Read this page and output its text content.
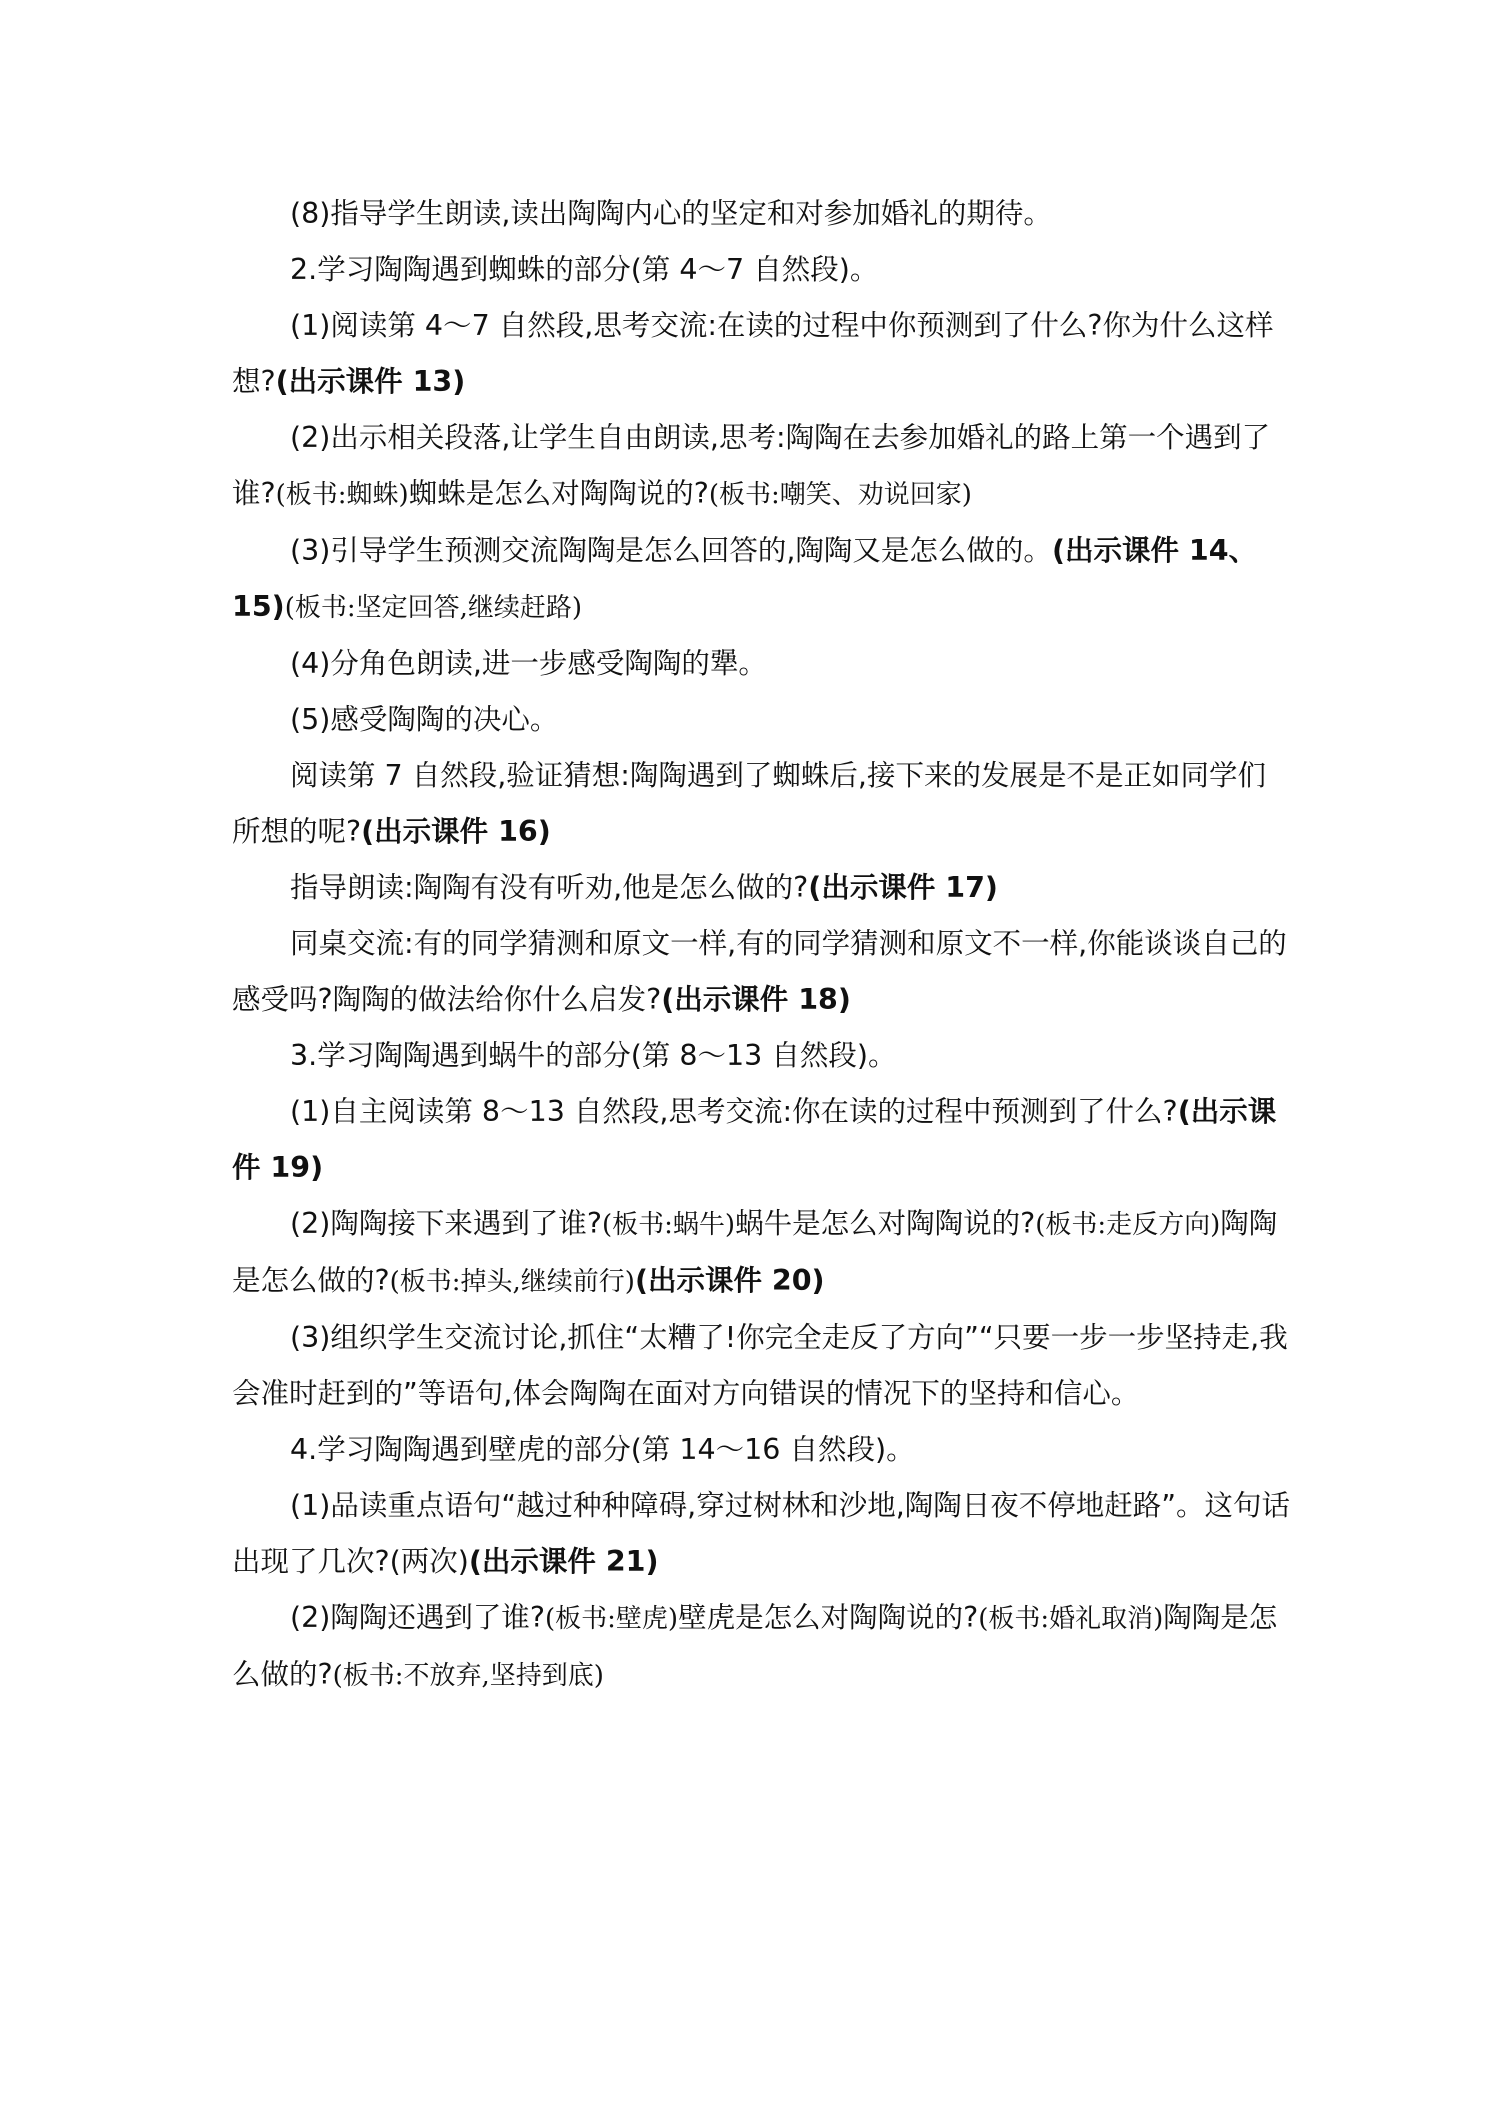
(8)指导学生朗读,读出陶陶内心的坚定和对参加婚礼的期待。

2.学习陶陶遇到蜘蛛的部分(第 4～7 自然段)。

(1)阅读第 4～7 自然段,思考交流:在读的过程中你预测到了什么?你为什么这样想?(出示课件 13)

(2)出示相关段落,让学生自由朗读,思考:陶陶在去参加婚礼的路上第一个遇到了谁?(板书:蜘蛛)蜘蛛是怎么对陶陶说的?(板书:嘲笑、劝说回家)

(3)引导学生预测交流陶陶是怎么回答的,陶陶又是怎么做的。(出示课件 14、15)(板书:坚定回答,继续赶路)

(4)分角色朗读,进一步感受陶陶的犟。

(5)感受陶陶的决心。

阅读第 7 自然段,验证猜想:陶陶遇到了蜘蛛后,接下来的发展是不是正如同学们所想的呢?(出示课件 16)

指导朗读:陶陶有没有听劝,他是怎么做的?(出示课件 17)

同桌交流:有的同学猜测和原文一样,有的同学猜测和原文不一样,你能谈谈自己的感受吗?陶陶的做法给你什么启发?(出示课件 18)

3.学习陶陶遇到蜗牛的部分(第 8～13 自然段)。

(1)自主阅读第 8～13 自然段,思考交流:你在读的过程中预测到了什么?(出示课件 19)

(2)陶陶接下来遇到了谁?(板书:蜗牛)蜗牛是怎么对陶陶说的?(板书:走反方向)陶陶是怎么做的?(板书:掉头,继续前行)(出示课件 20)

(3)组织学生交流讨论,抓住“太糟了!你完全走反了方向”“只要一步一步坚持走,我会准时赶到的”等语句,体会陶陶在面对方向错误的情况下的坚持和信心。

4.学习陶陶遇到壁虎的部分(第 14～16 自然段)。

(1)品读重点语句“越过种种障碍,穿过树林和沙地,陶陶日夜不停地赶路”。这句话出现了几次?(两次)(出示课件 21)

(2)陶陶还遇到了谁?(板书:壁虎)壁虎是怎么对陶陶说的?(板书:婚礼取消)陶陶是怎么做的?(板书:不放弃,坚持到底)
